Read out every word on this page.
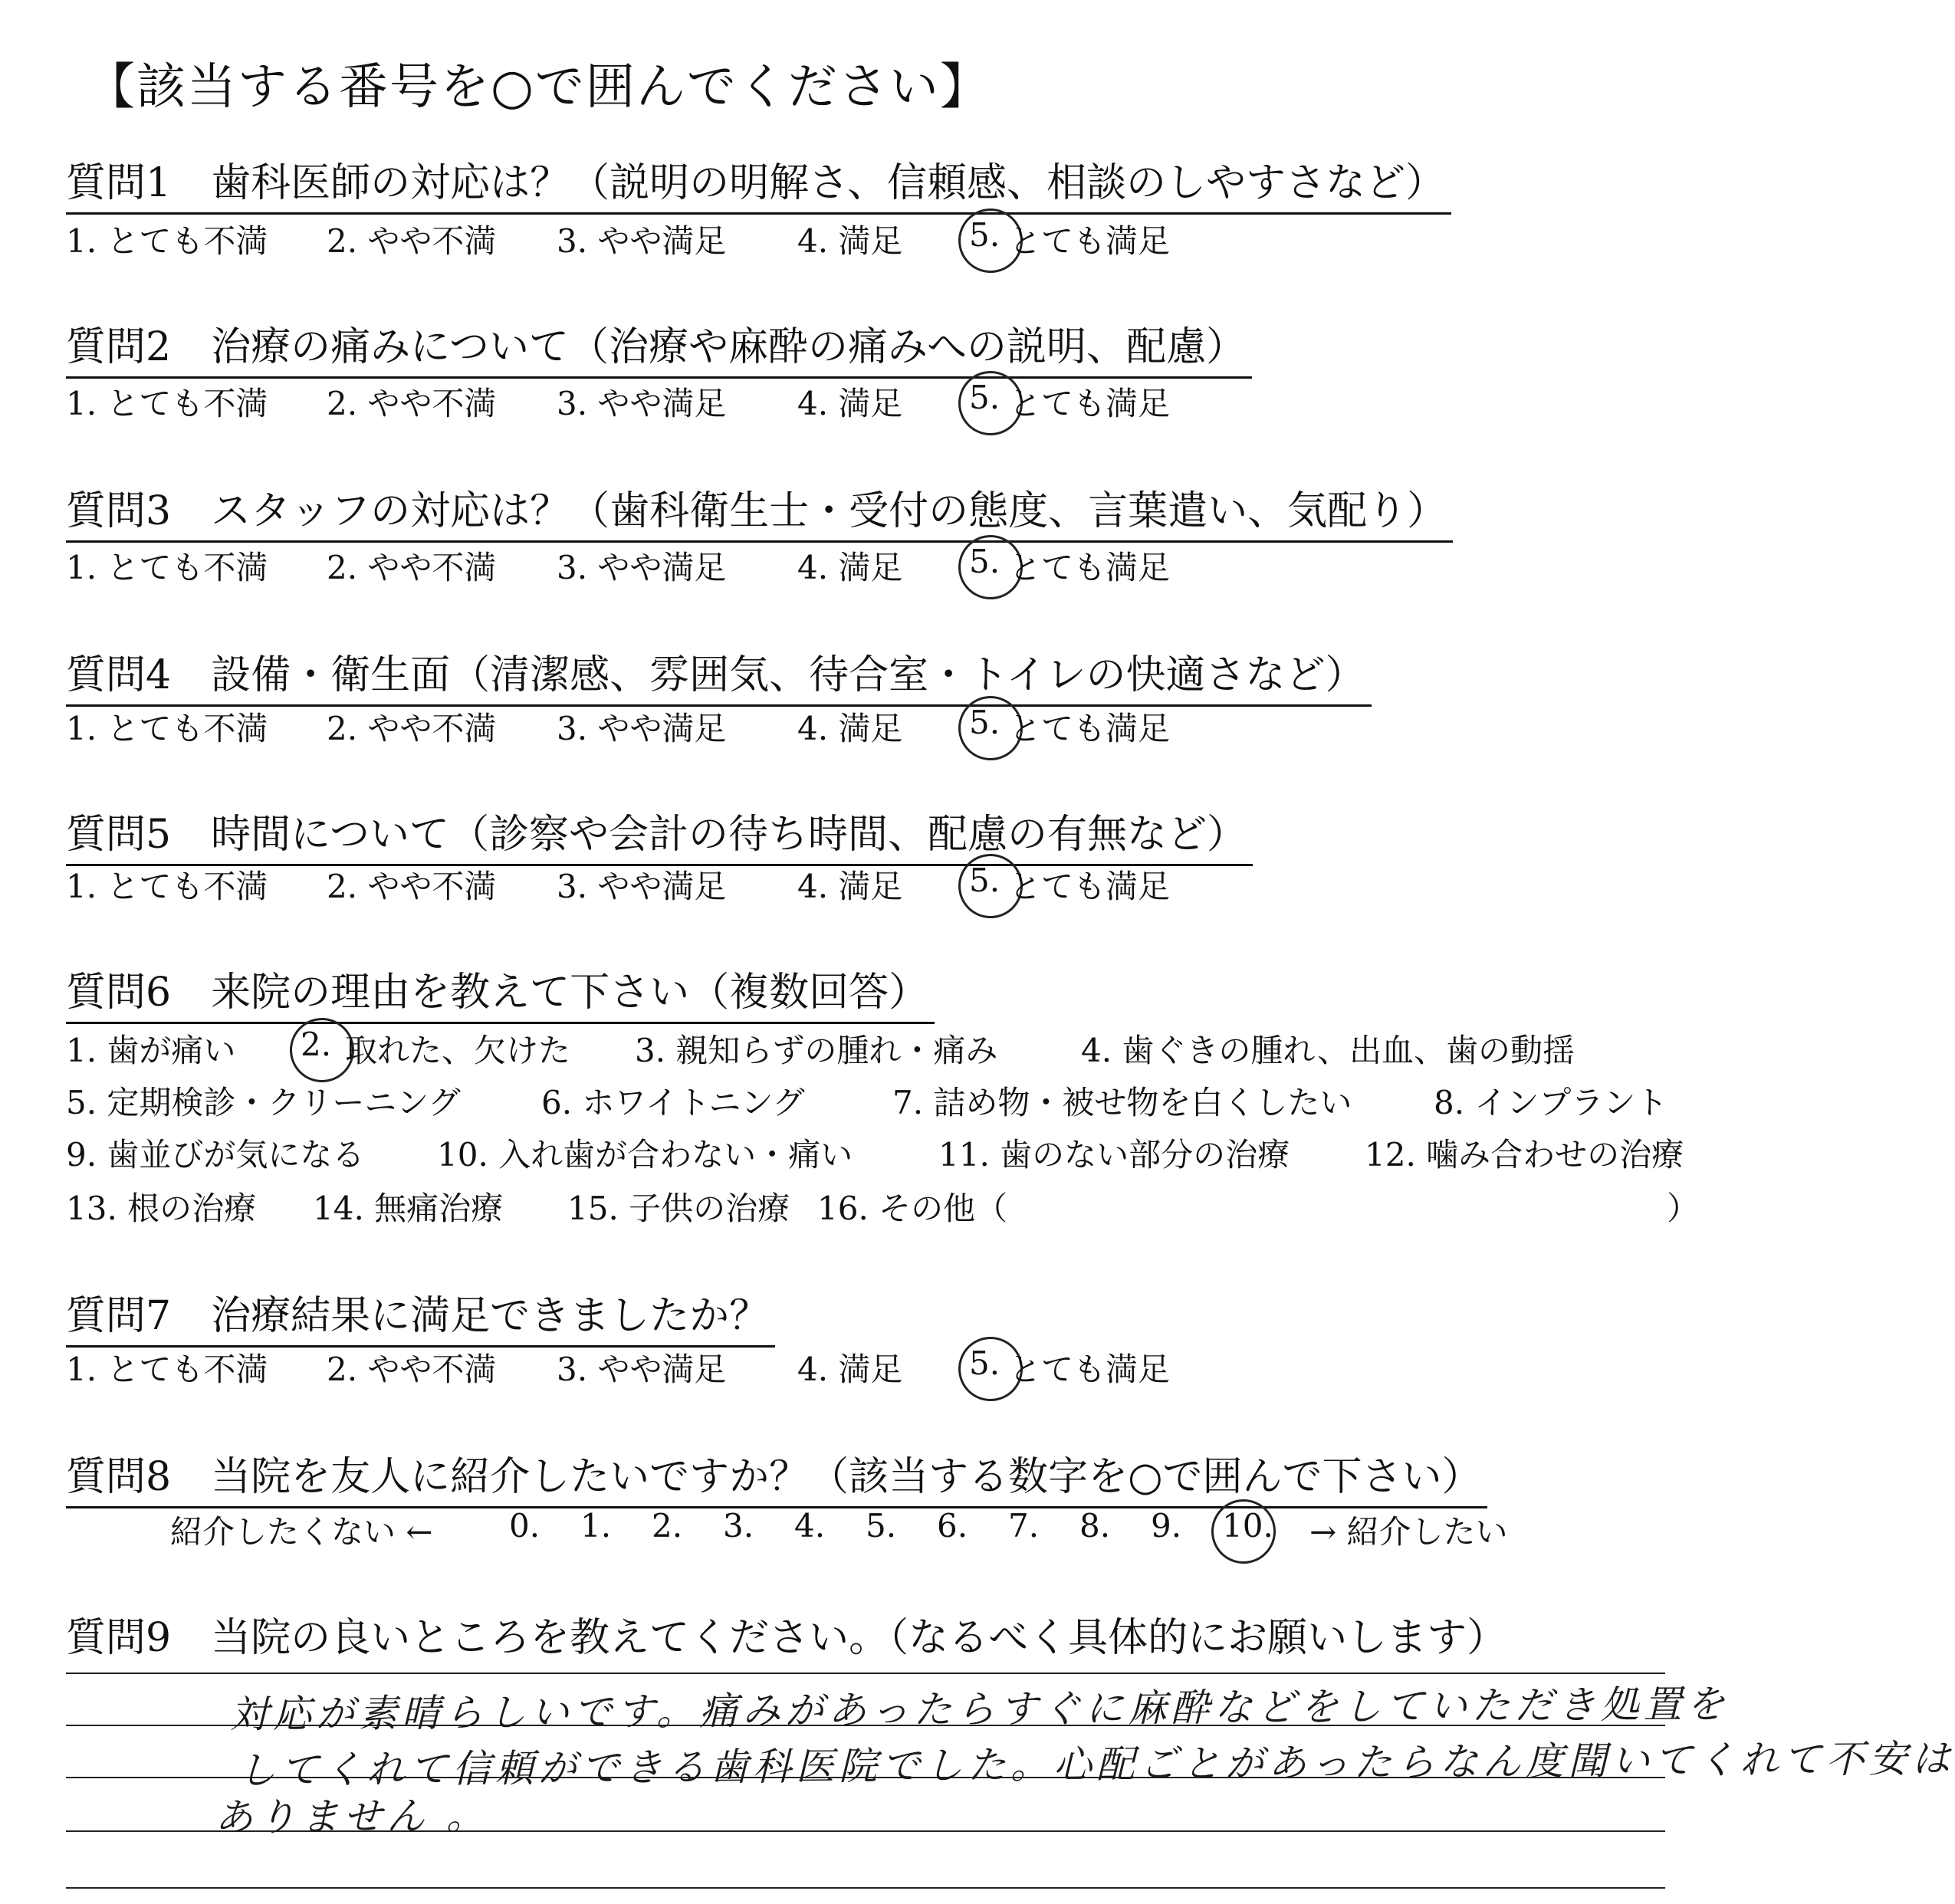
【該当する番号を○で囲んでください】
質問1　歯科医師の対応は？（説明の明解さ、信頼感、相談のしやすさなど）
1. とても不満 2. やや不満 3. やや満足 4. 満足 5. とても満足
質問2　治療の痛みについて（治療や麻酔の痛みへの説明、配慮）
1. とても不満 2. やや不満 3. やや満足 4. 満足 5. とても満足
質問3　スタッフの対応は？（歯科衛生士・受付の態度、言葉遣い、気配り）
1. とても不満 2. やや不満 3. やや満足 4. 満足 5. とても満足
質問4　設備・衛生面（清潔感、雰囲気、待合室・トイレの快適さなど）
1. とても不満 2. やや不満 3. やや満足 4. 満足 5. とても満足
質問5　時間について（診察や会計の待ち時間、配慮の有無など）
1. とても不満 2. やや不満 3. やや満足 4. 満足 5. とても満足
質問6　来院の理由を教えて下さい（複数回答）
1. 歯が痛い 2. 取れた、欠けた 3. 親知らずの腫れ・痛み	4. 歯ぐきの腫れ、出血、歯の動揺
5. 定期検診・クリーニング	6. ホワイトニング	7. 詰め物・被せ物を白くしたい	8. インプラント
9. 歯並びが気になる 10. 入れ歯が合わない・痛い	11. 歯のない部分の治療 12. 噛み合わせの治療
13. 根の治療 14. 無痛治療 15. 子供の治療 16. その他（	）
質問7　治療結果に満足できましたか？
1. とても不満 2. やや不満 3. やや満足 4. 満足 5. とても満足
質問8　当院を友人に紹介したいですか？（該当する数字を○で囲んで下さい）
紹介したくない ← 0. 1. 2. 3. 4. 5. 6. 7. 8. 9. 10. → 紹介したい
質問9　当院の良いところを教えてください。（なるべく具体的にお願いします）
対応が素晴らしいです。痛みがあったらすぐに麻酔などをしていただき処置を
してくれて信頼ができる歯科医院でした。心配ごとがあったらなん度聞いてくれて不安は
ありません 。
